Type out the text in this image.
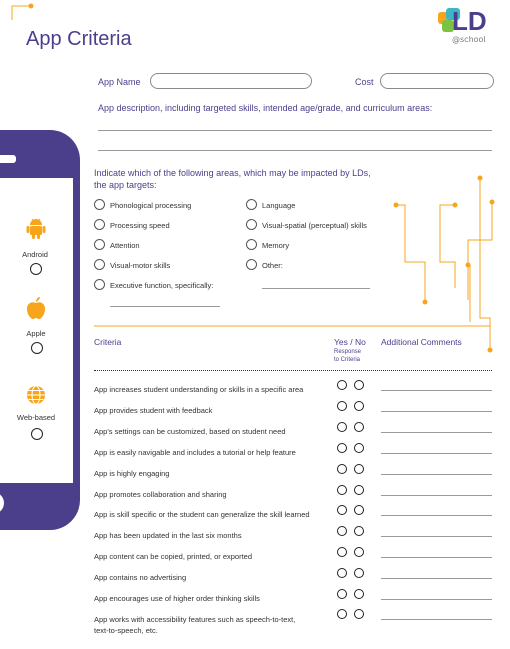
App Criteria
LD
@school
App Name	Cost
App description, including targeted skills, intended age/grade, and curriculum areas:
Indicate which of the following areas, which may be impacted by LDs,
the app targets:
Phonological processing
Processing speed
Attention
Visual-motor skills
Executive function, specifically:
Language
Visual-spatial (perceptual) skills
Memory
Other:
Android
Apple
Web-based
Criteria	Yes / No
Response
to Criteria
Additional Comments
App increases student understanding or skills in a specific area
App provides student with feedback
App's settings can be customized, based on student need
App is easily navigable and includes a tutorial or help feature
App is highly engaging
App promotes collaboration and sharing
App is skill specific or the student can generalize the skill learned
App has been updated in the last six months
App content can be copied, printed, or exported
App contains no advertising
App encourages use of higher order thinking skills
App works with accessibility features such as speech-to-text,
text-to-speech, etc.
